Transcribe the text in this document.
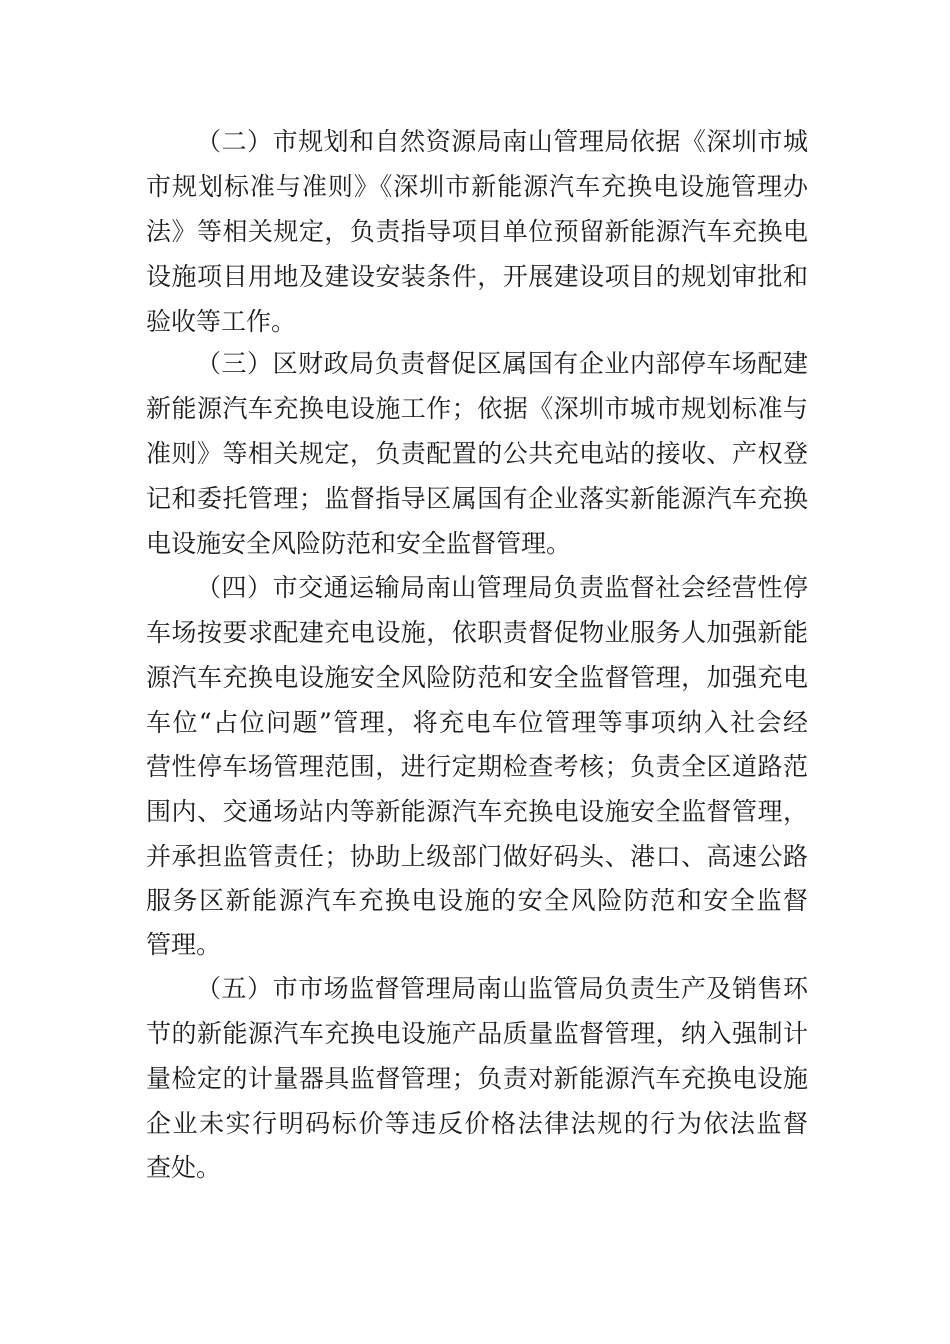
（二）市规划和自然资源局南山管理局依据《深圳市城
市规划标准与准则》《深圳市新能源汽车充换电设施管理办
法》等相关规定，负责指导项目单位预留新能源汽车充换电
设施项目用地及建设安装条件，开展建设项目的规划审批和
验收等工作。
（三）区财政局负责督促区属国有企业内部停车场配建
新能源汽车充换电设施工作；依据《深圳市城市规划标准与
准则》等相关规定，负责配置的公共充电站的接收、产权登
记和委托管理；监督指导区属国有企业落实新能源汽车充换
电设施安全风险防范和安全监督管理。
（四）市交通运输局南山管理局负责监督社会经营性停
车场按要求配建充电设施，依职责督促物业服务人加强新能
源汽车充换电设施安全风险防范和安全监督管理，加强充电
车位“占位问题”管理，将充电车位管理等事项纳入社会经
营性停车场管理范围，进行定期检查考核；负责全区道路范
围内、交通场站内等新能源汽车充换电设施安全监督管理，
并承担监管责任；协助上级部门做好码头、港口、高速公路
服务区新能源汽车充换电设施的安全风险防范和安全监督
管理。
（五）市市场监督管理局南山监管局负责生产及销售环
节的新能源汽车充换电设施产品质量监督管理，纳入强制计
量检定的计量器具监督管理；负责对新能源汽车充换电设施
企业未实行明码标价等违反价格法律法规的行为依法监督
查处。
